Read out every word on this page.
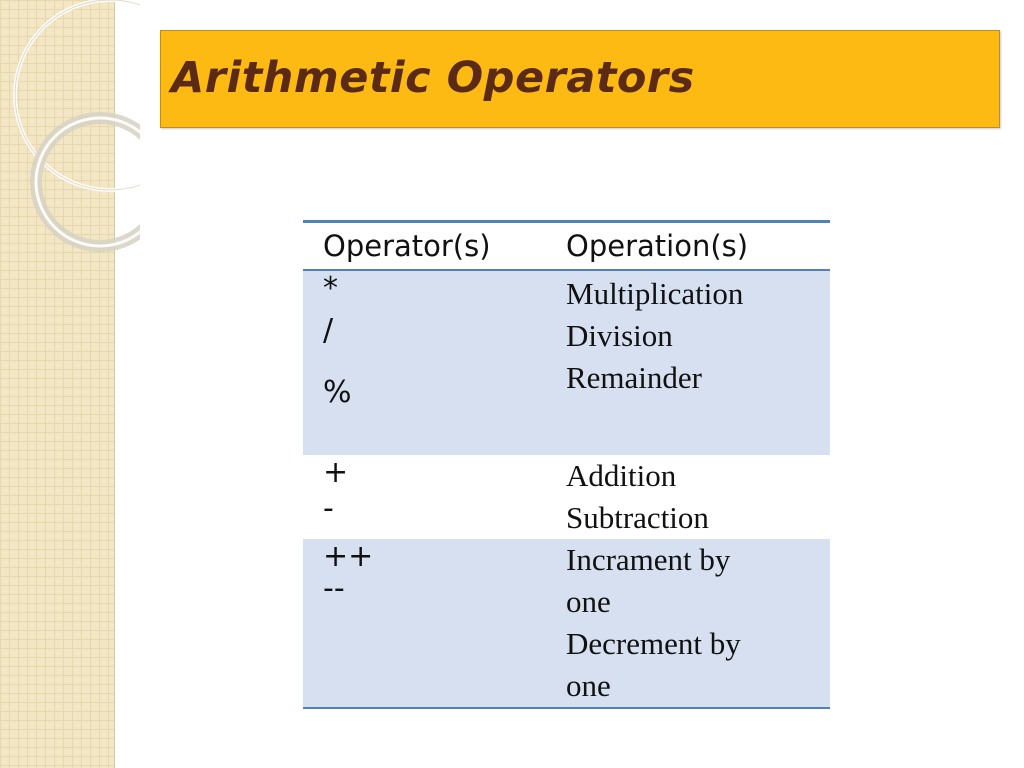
Arithmetic Operators
Operator(s)	Operation(s)
*
/
%
Multiplication
Division
Remainder
+
-
Addition
Subtraction
++
--
Incrament by
one
Decrement by
one
